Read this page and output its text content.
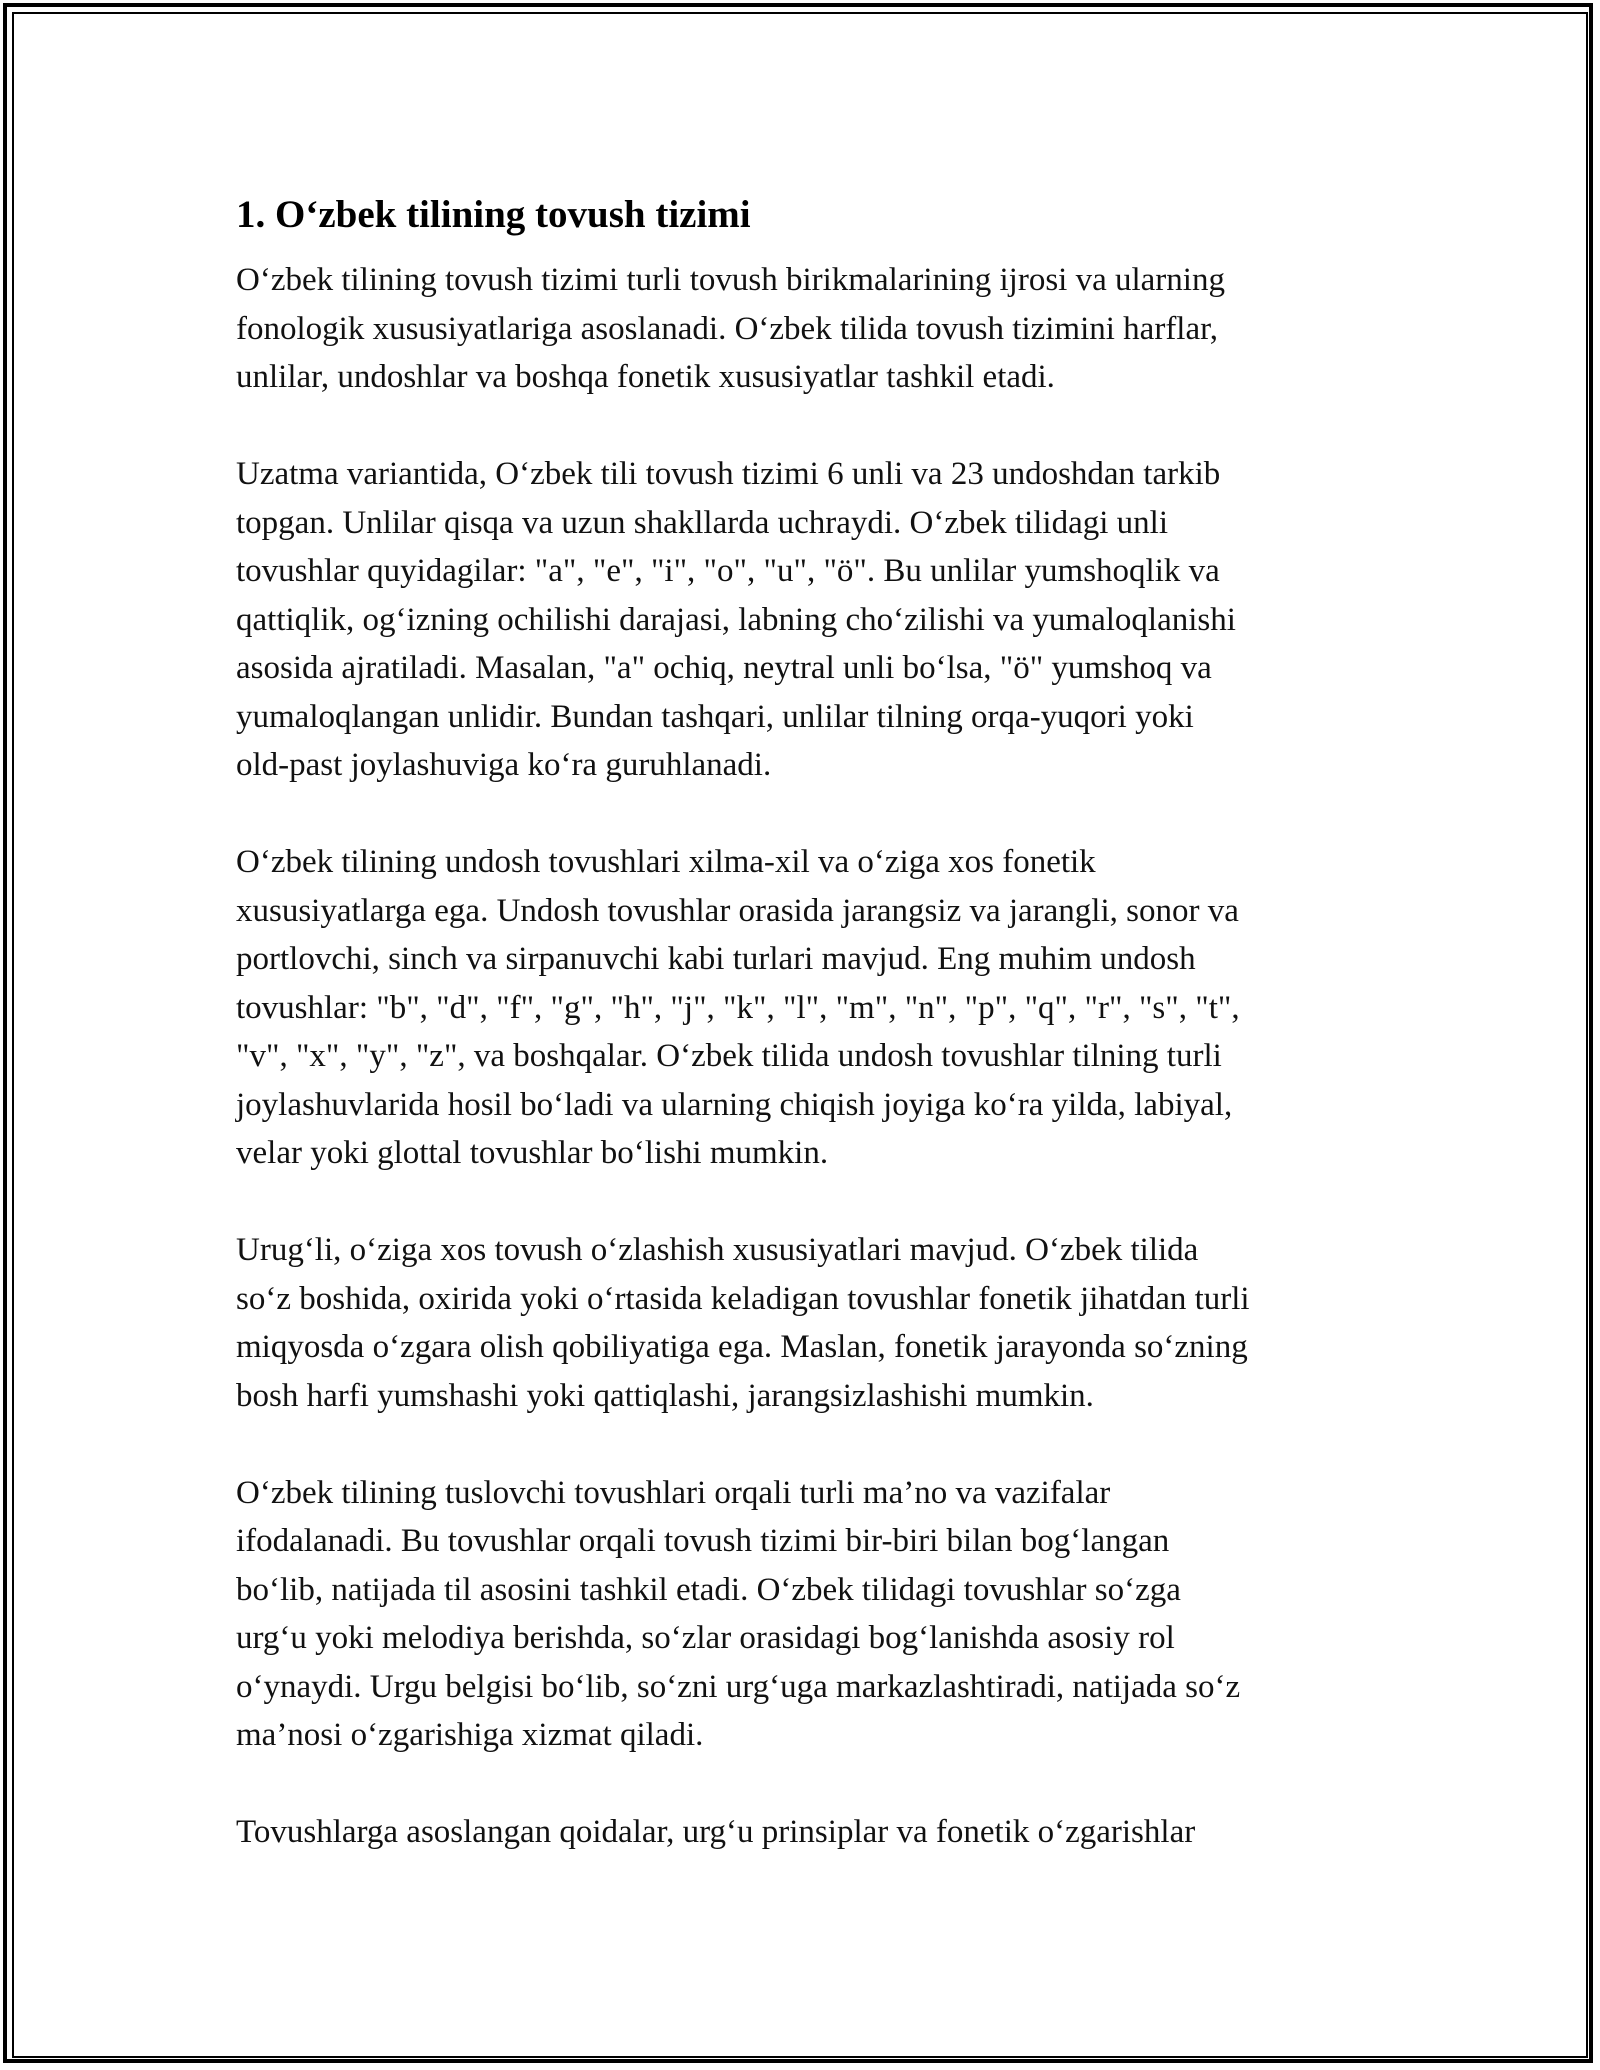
1. O‘zbek tilining tovush tizimi

O‘zbek tilining tovush tizimi turli tovush birikmalarining ijrosi va ularning
fonologik xususiyatlariga asoslanadi. O‘zbek tilida tovush tizimini harflar,
unlilar, undoshlar va boshqa fonetik xususiyatlar tashkil etadi.

Uzatma variantida, O‘zbek tili tovush tizimi 6 unli va 23 undoshdan tarkib
topgan. Unlilar qisqa va uzun shakllarda uchraydi. O‘zbek tilidagi unli
tovushlar quyidagilar: "a", "e", "i", "o", "u", "ö". Bu unlilar yumshoqlik va
qattiqlik, og‘izning ochilishi darajasi, labning cho‘zilishi va yumaloqlanishi
asosida ajratiladi. Masalan, "a" ochiq, neytral unli bo‘lsa, "ö" yumshoq va
yumaloqlangan unlidir. Bundan tashqari, unlilar tilning orqa-yuqori yoki
old-past joylashuviga ko‘ra guruhlanadi.

O‘zbek tilining undosh tovushlari xilma-xil va o‘ziga xos fonetik
xususiyatlarga ega. Undosh tovushlar orasida jarangsiz va jarangli, sonor va
portlovchi, sinch va sirpanuvchi kabi turlari mavjud. Eng muhim undosh
tovushlar: "b", "d", "f", "g", "h", "j", "k", "l", "m", "n", "p", "q", "r", "s", "t",
"v", "x", "y", "z", va boshqalar. O‘zbek tilida undosh tovushlar tilning turli
joylashuvlarida hosil bo‘ladi va ularning chiqish joyiga ko‘ra yilda, labiyal,
velar yoki glottal tovushlar bo‘lishi mumkin.

Urug‘li, o‘ziga xos tovush o‘zlashish xususiyatlari mavjud. O‘zbek tilida
so‘z boshida, oxirida yoki o‘rtasida keladigan tovushlar fonetik jihatdan turli
miqyosda o‘zgara olish qobiliyatiga ega. Maslan, fonetik jarayonda so‘zning
bosh harfi yumshashi yoki qattiqlashi, jarangsizlashishi mumkin.

O‘zbek tilining tuslovchi tovushlari orqali turli ma’no va vazifalar
ifodalanadi. Bu tovushlar orqali tovush tizimi bir-biri bilan bog‘langan
bo‘lib, natijada til asosini tashkil etadi. O‘zbek tilidagi tovushlar so‘zga
urg‘u yoki melodiya berishda, so‘zlar orasidagi bog‘lanishda asosiy rol
o‘ynaydi. Urgu belgisi bo‘lib, so‘zni urg‘uga markazlashtiradi, natijada so‘z
ma’nosi o‘zgarishiga xizmat qiladi.

Tovushlarga asoslangan qoidalar, urg‘u prinsiplar va fonetik o‘zgarishlar
